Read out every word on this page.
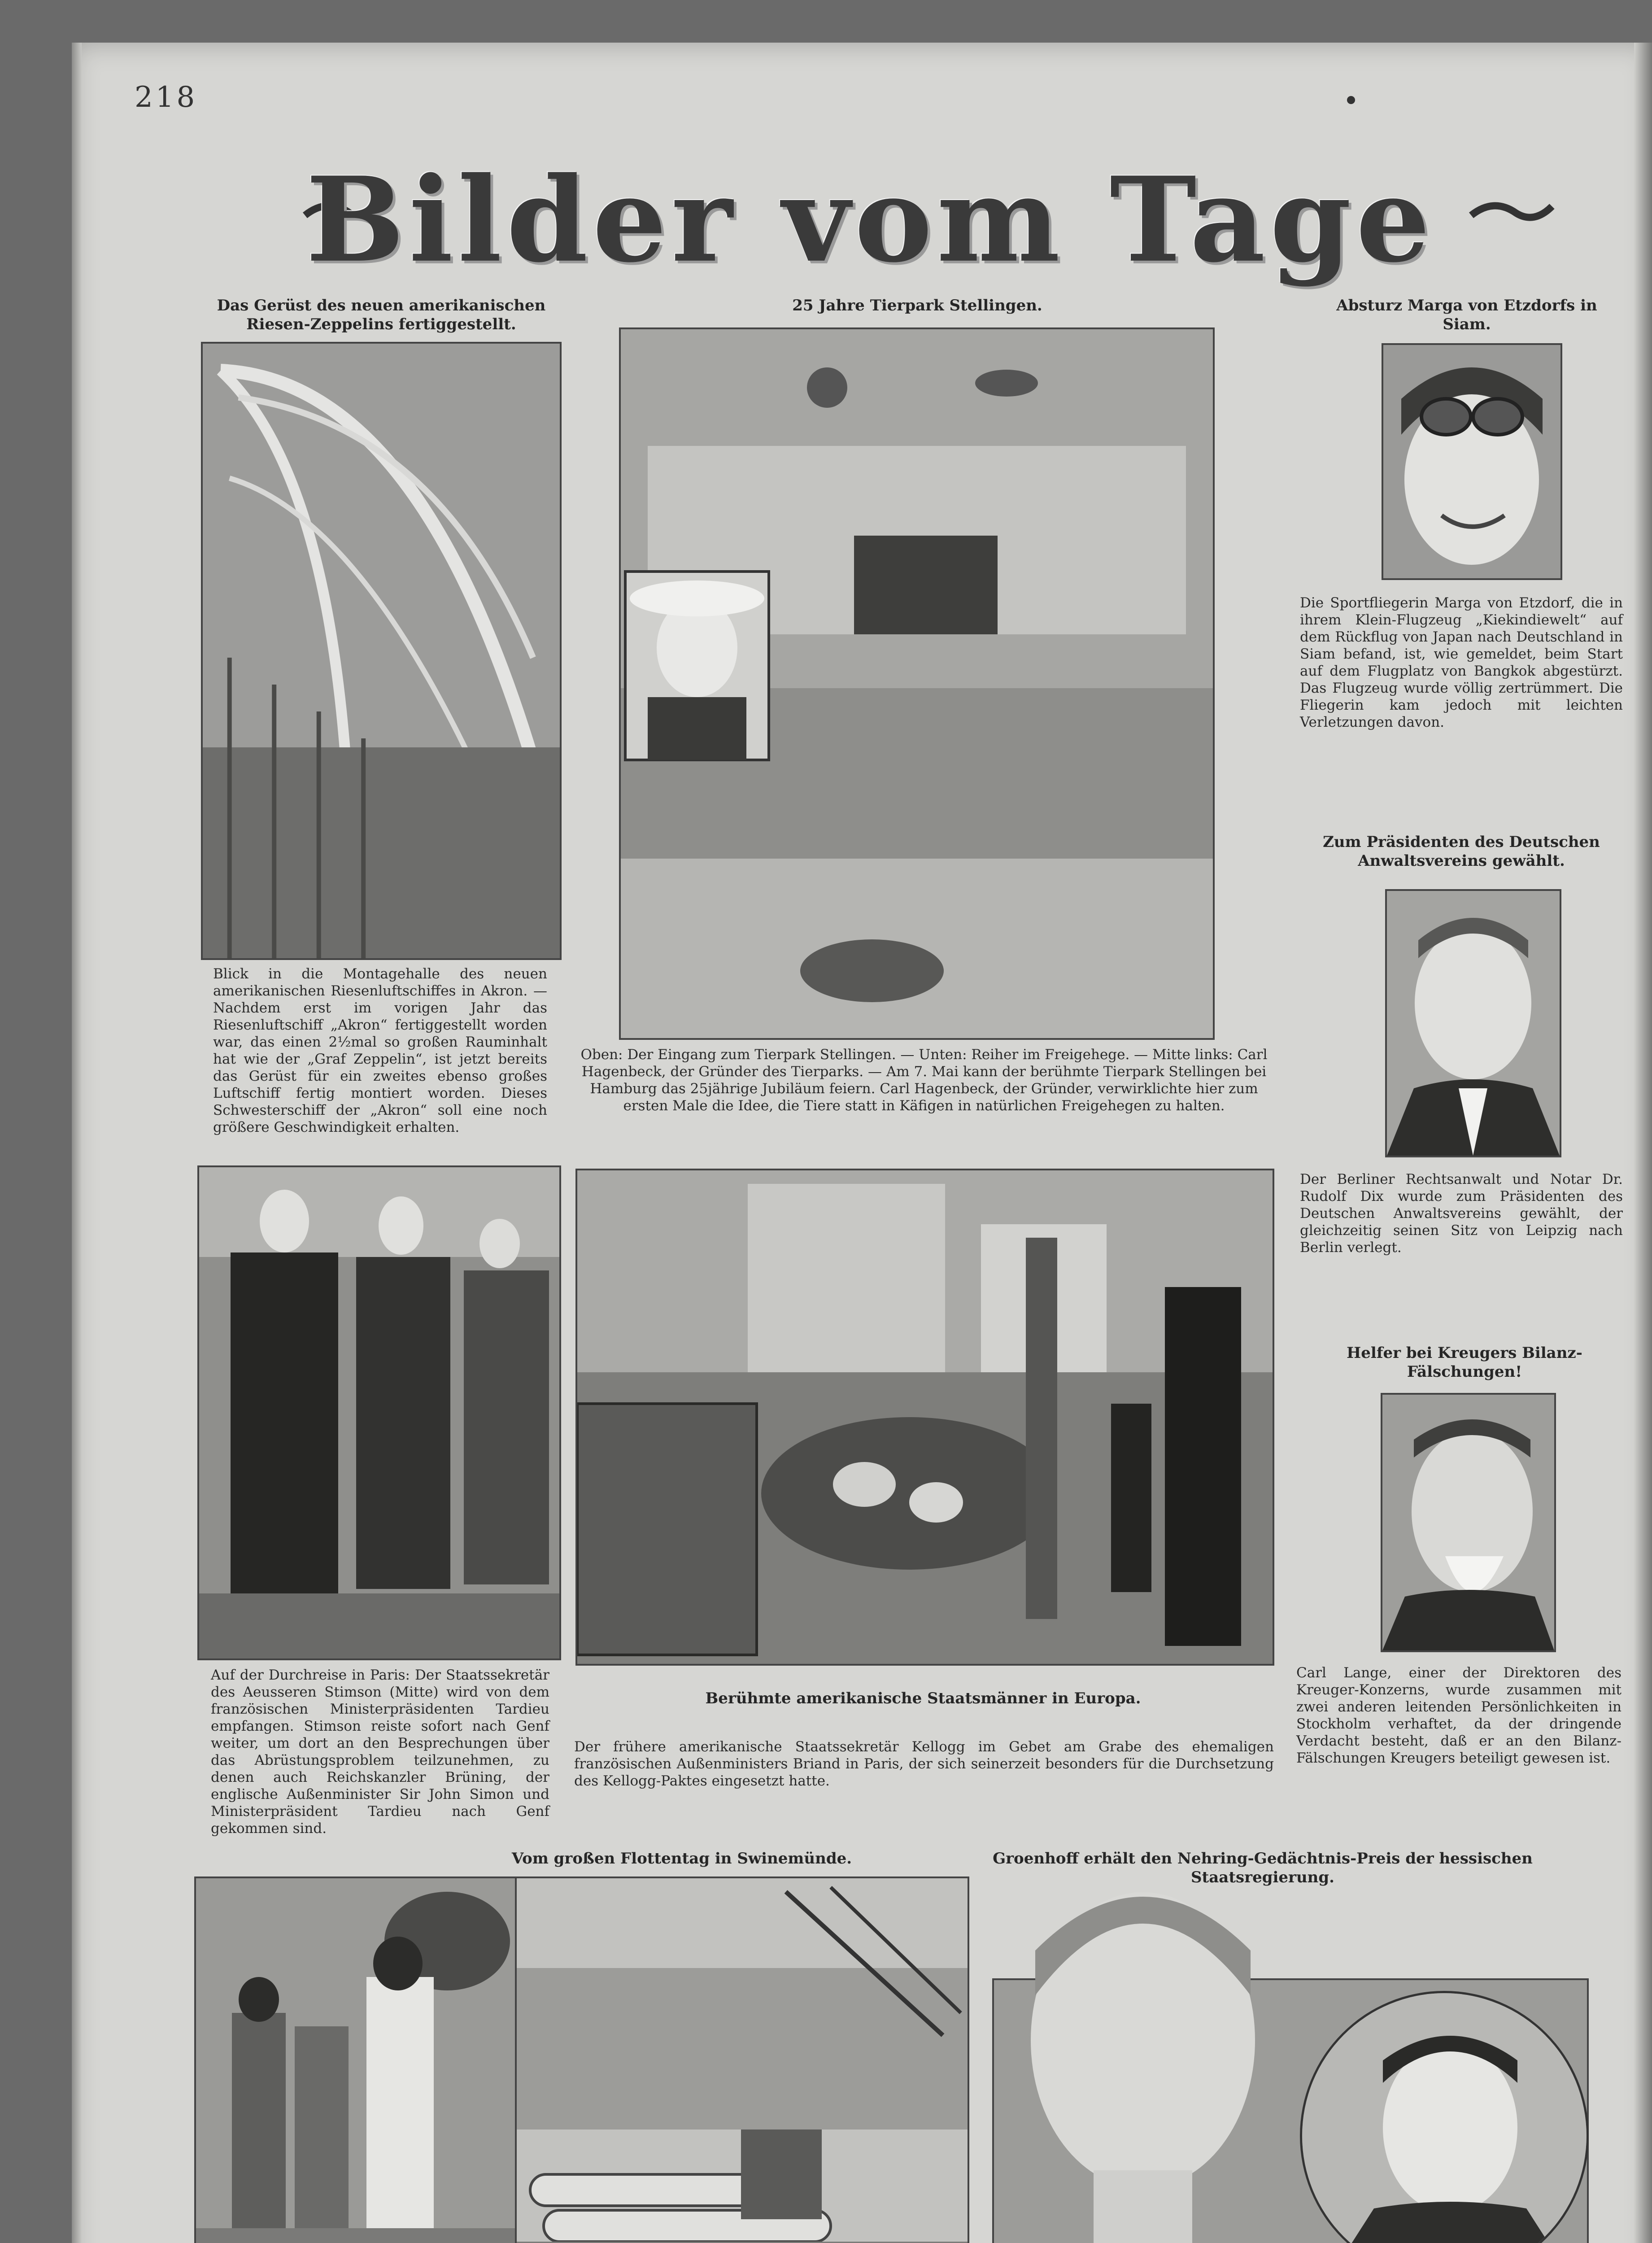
218
Bilder vom Tage
Das Gerüst des neuen amerikanischen Riesen-Zeppelins fertiggestellt.
Blick in die Montagehalle des neuen amerikanischen Riesenluftschiffes in Akron. — Nachdem erst im vorigen Jahr das Riesenluftschiff „Akron“ fertiggestellt worden war, das einen 2½mal so großen Rauminhalt hat wie der „Graf Zeppelin“, ist jetzt bereits das Gerüst für ein zweites ebenso großes Luftschiff fertig montiert worden. Dieses Schwesterschiff der „Akron“ soll eine noch größere Geschwindigkeit erhalten.
25 Jahre Tierpark Stellingen.
Oben: Der Eingang zum Tierpark Stellingen. — Unten: Reiher im Freigehege. — Mitte links: Carl Hagenbeck, der Gründer des Tierparks. — Am 7. Mai kann der berühmte Tierpark Stellingen bei Hamburg das 25jährige Jubiläum feiern. Carl Hagenbeck, der Gründer, verwirklichte hier zum ersten Male die Idee, die Tiere statt in Käfigen in natürlichen Freigehegen zu halten.
Absturz Marga von Etzdorfs in Siam.
Die Sportfliegerin Marga von Etzdorf, die in ihrem Klein-Flugzeug „Kiekindiewelt“ auf dem Rückflug von Japan nach Deutschland in Siam befand, ist, wie gemeldet, beim Start auf dem Flugplatz von Bangkok abgestürzt. Das Flugzeug wurde völlig zertrümmert. Die Fliegerin kam jedoch mit leichten Verletzungen davon.
Zum Präsidenten des Deutschen Anwaltsvereins gewählt.
Der Berliner Rechtsanwalt und Notar Dr. Rudolf Dix wurde zum Präsidenten des Deutschen Anwaltsvereins gewählt, der gleichzeitig seinen Sitz von Leipzig nach Berlin verlegt.
Helfer bei Kreugers Bilanz-Fälschungen!
Carl Lange, einer der Direktoren des Kreuger-Konzerns, wurde zusammen mit zwei anderen leitenden Persönlichkeiten in Stockholm verhaftet, da der dringende Verdacht besteht, daß er an den Bilanz-Fälschungen Kreugers beteiligt gewesen ist.
Auf der Durchreise in Paris: Der Staatssekretär des Aeusseren Stimson (Mitte) wird von dem französischen Ministerpräsidenten Tardieu empfangen. Stimson reiste sofort nach Genf weiter, um dort an den Besprechungen über das Abrüstungsproblem teilzunehmen, zu denen auch Reichskanzler Brüning, der englische Außenminister Sir John Simon und Ministerpräsident Tardieu nach Genf gekommen sind.
Berühmte amerikanische Staatsmänner in Europa.
Der frühere amerikanische Staatssekretär Kellogg im Gebet am Grabe des ehemaligen französischen Außenministers Briand in Paris, der sich seinerzeit besonders für die Durchsetzung des Kellogg-Paktes eingesetzt hatte.
Vom großen Flottentag in Swinemünde.	Groenhoff erhält den Nehring-Gedächtnis-Preis der hessischen Staatsregierung.
